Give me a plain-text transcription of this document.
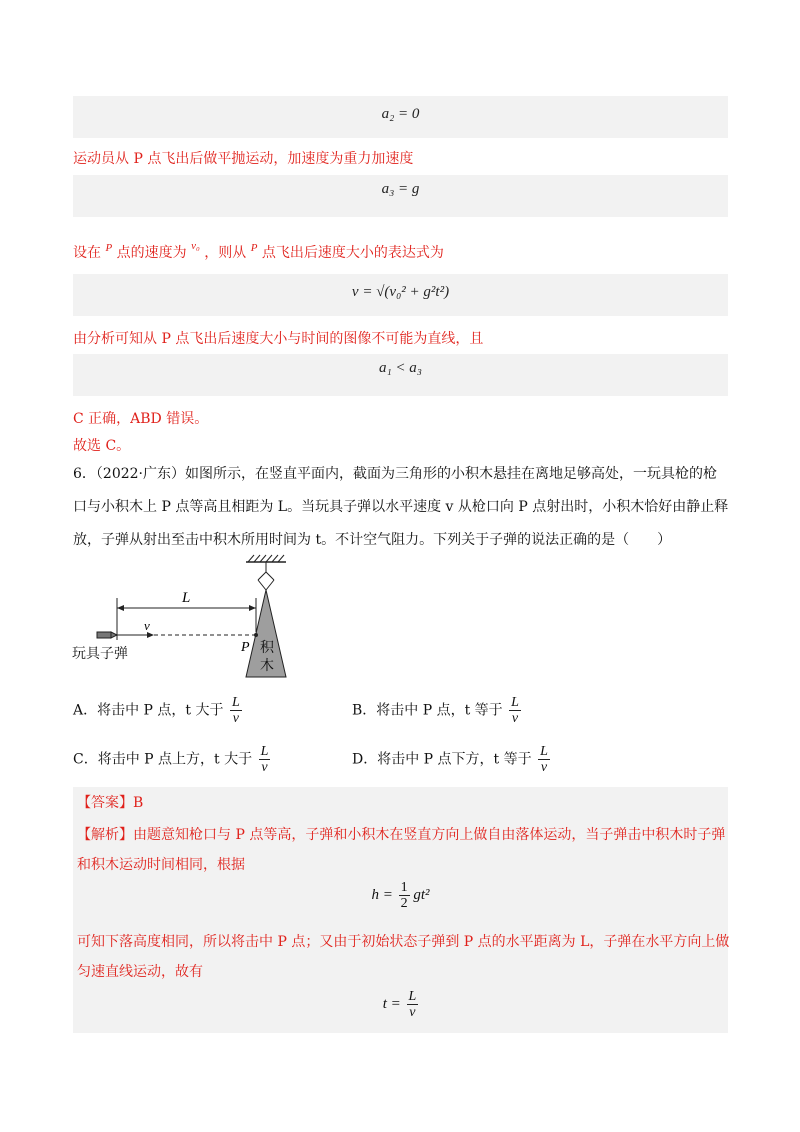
a₂ = 0
运动员从 P 点飞出后做平抛运动，加速度为重力加速度
a₃ = g
设在 $^P$ 点的速度为 $^{v_0}$ ，则从 $^P$ 点飞出后速度大小的表达式为
v = √(v₀² + g²t²)
由分析可知从 P 点飞出后速度大小与时间的图像不可能为直线，且
a₁ < a₃
C 正确，ABD 错误。
故选 C。
6．（2022·广东）如图所示，在竖直平面内，截面为三角形的小积木悬挂在离地足够高处，一玩具枪的枪
口与小积木上 P 点等高且相距为 L。当玩具子弹以水平速度 v 从枪口向 P 点射出时，小积木恰好由静止释
放，子弹从射出至击中积木所用时间为 t。不计空气阻力。下列关于子弹的说法正确的是（　　）
L
v
P 积
木
玩具子弹
A．将击中 P 点，t 大于 $\frac{L}{v}$	B．将击中 P 点，t 等于 $\frac{L}{v}$
C．将击中 P 点上方，t 大于 $\frac{L}{v}$	D．将击中 P 点下方，t 等于 $\frac{L}{v}$
【答案】B
【解析】由题意知枪口与 P 点等高，子弹和小积木在竖直方向上做自由落体运动，当子弹击中积木时子弹
和积木运动时间相同，根据
$h = \frac{1}{2} gt^2$
可知下落高度相同，所以将击中 P 点；又由于初始状态子弹到 P 点的水平距离为 L，子弹在水平方向上做
匀速直线运动，故有
$t = \frac{L}{v}$
